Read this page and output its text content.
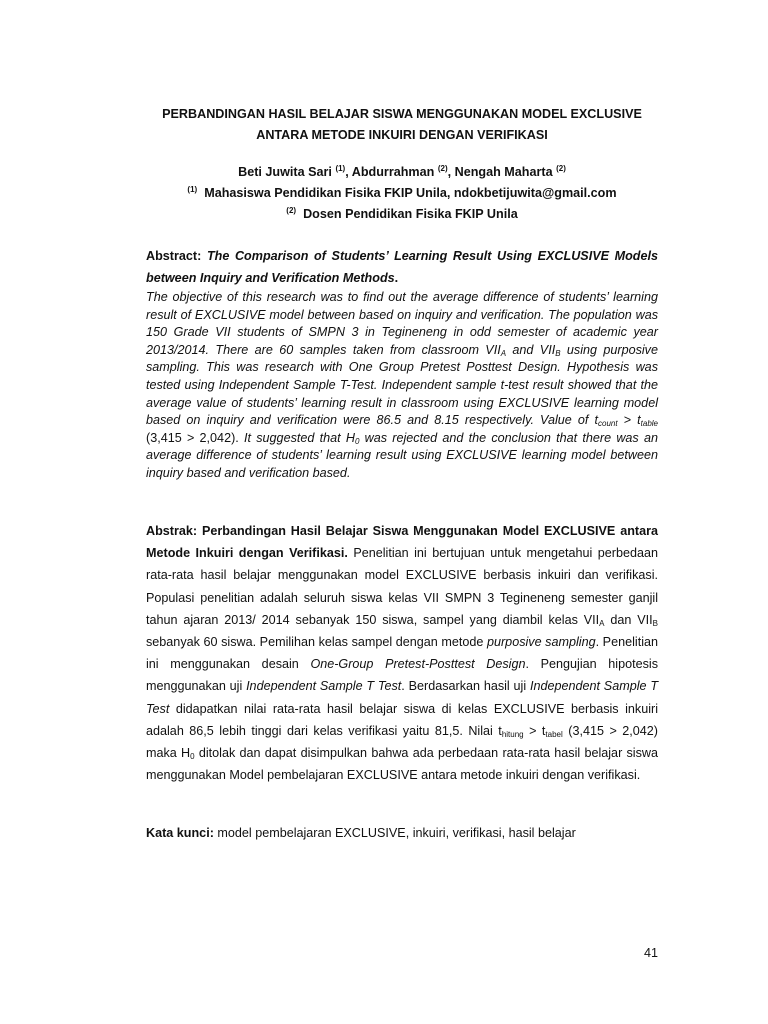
PERBANDINGAN HASIL BELAJAR SISWA MENGGUNAKAN MODEL EXCLUSIVE
ANTARA METODE INKUIRI DENGAN VERIFIKASI
Beti Juwita Sari $^{(1)}$, Abdurrahman $^{(2)}$, Nengah Maharta $^{(2)}$
$^{(1)}$ Mahasiswa Pendidikan Fisika FKIP Unila, ndokbetijuwita@gmail.com
$^{(2)}$ Dosen Pendidikan Fisika FKIP Unila

Abstract: The Comparison of Students’ Learning Result Using EXCLUSIVE Models between Inquiry and Verification Methods.

The objective of this research was to find out the average difference of students’ learning result of EXCLUSIVE model between based on inquiry and verification. The population was 150 Grade VII students of SMPN 3 in Tegineneng in odd semester of academic year 2013/2014. There are 60 samples taken from classroom $VII_A$ and $VII_B$ using purposive sampling. This was research with One Group Pretest Posttest Design. Hypothesis was tested using Independent Sample T-Test. Independent sample t-test result showed that the average value of students’ learning result in classroom using EXCLUSIVE learning model based on inquiry and verification were 86.5 and 8.15 respectively. Value of $t_{count} > t_{table}$ (3,415 > 2,042). It suggested that $H_0$ was rejected and the conclusion that there was an average difference of students’ learning result using EXCLUSIVE learning model between inquiry based and verification based.

Abstrak: Perbandingan Hasil Belajar Siswa Menggunakan Model EXCLUSIVE antara Metode Inkuiri dengan Verifikasi. Penelitian ini bertujuan untuk mengetahui perbedaan rata-rata hasil belajar menggunakan model EXCLUSIVE berbasis inkuiri dan verifikasi. Populasi penelitian adalah seluruh siswa kelas VII SMPN 3 Tegineneng semester ganjil tahun ajaran 2013/ 2014 sebanyak 150 siswa, sampel yang diambil kelas $VII_A$ dan $VII_B$ sebanyak 60 siswa. Pemilihan kelas sampel dengan metode purposive sampling. Penelitian ini menggunakan desain One-Group Pretest-Posttest Design. Pengujian hipotesis menggunakan uji Independent Sample T Test. Berdasarkan hasil uji Independent Sample T Test didapatkan nilai rata-rata hasil belajar siswa di kelas EXCLUSIVE berbasis inkuiri adalah 86,5 lebih tinggi dari kelas verifikasi yaitu 81,5. Nilai $t_{hitung} > t_{tabel}$ (3,415 > 2,042) maka $H_0$ ditolak dan dapat disimpulkan bahwa ada perbedaan rata-rata hasil belajar siswa menggunakan Model pembelajaran EXCLUSIVE antara metode inkuiri dengan verifikasi.

Kata kunci: model pembelajaran EXCLUSIVE, inkuiri, verifikasi, hasil belajar

41
